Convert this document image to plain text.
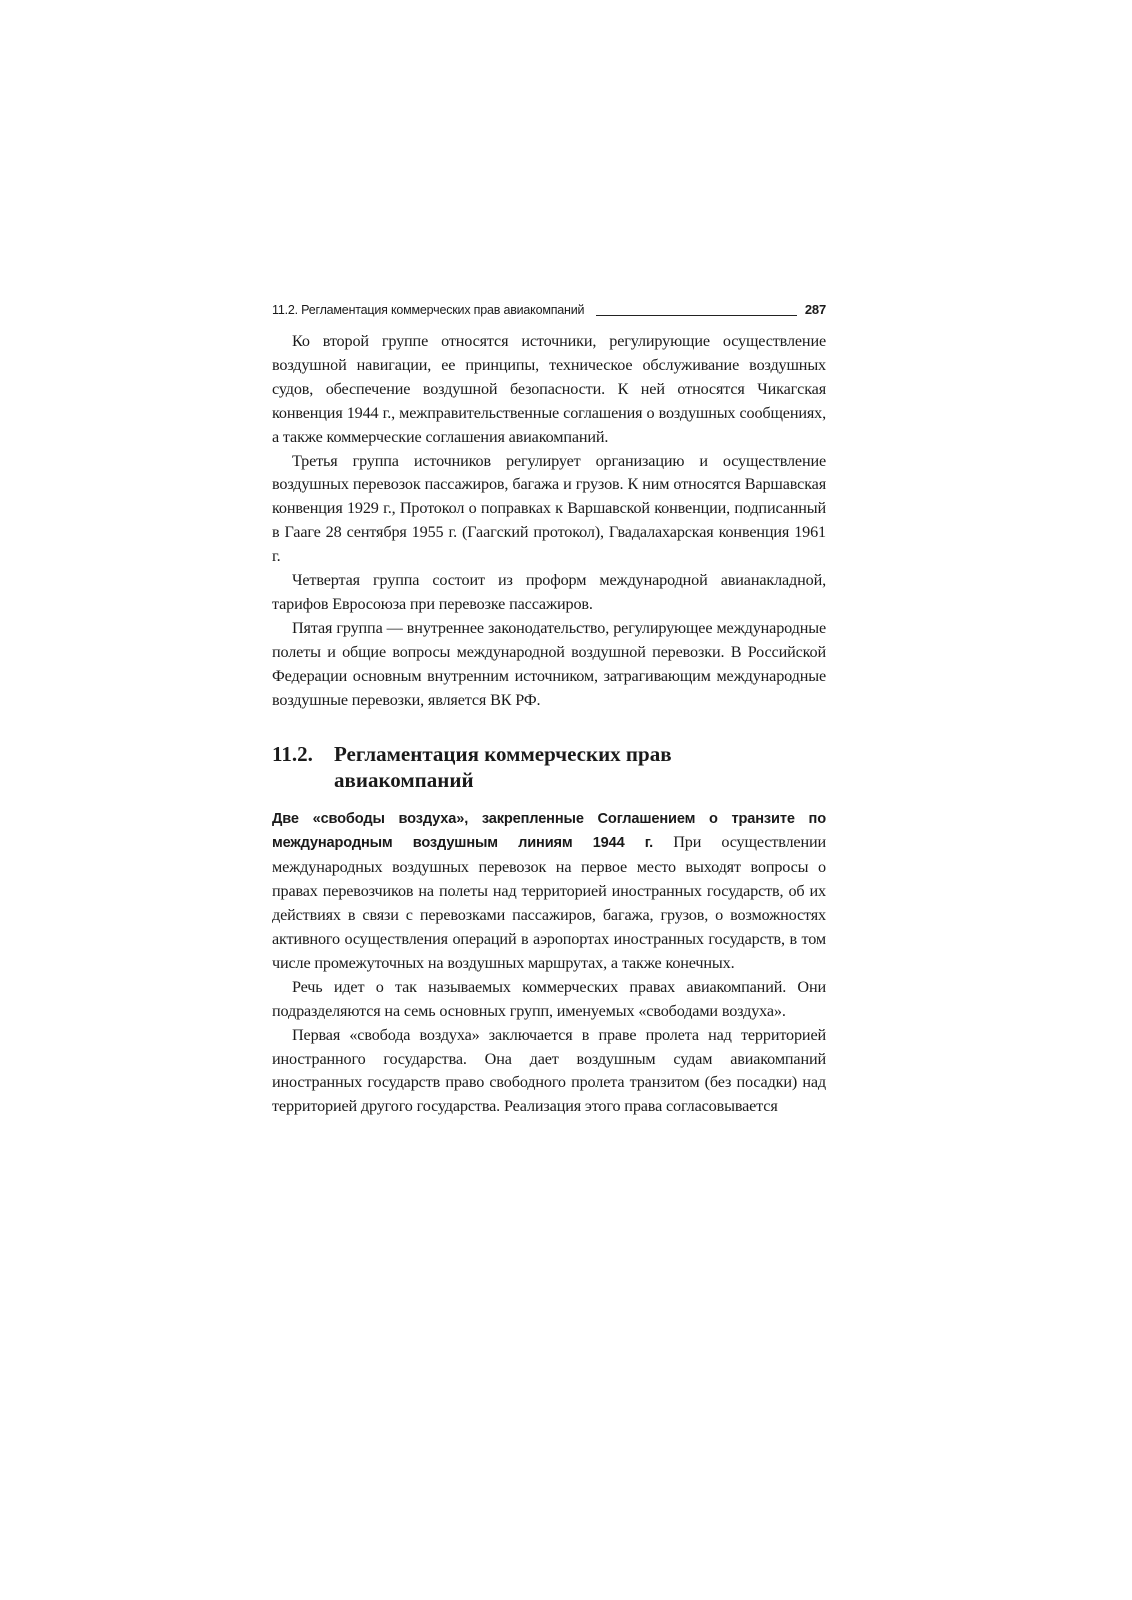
11.2. Регламентация коммерческих прав авиакомпаний	287

Ко второй группе относятся источники, регулирующие осуществление воздушной навигации, ее принципы, техническое обслуживание воздушных судов, обеспечение воздушной безопасности. К ней относятся Чикагская конвенция 1944 г., межправительственные соглашения о воздушных сообщениях, а также коммерческие соглашения авиакомпаний.

Третья группа источников регулирует организацию и осуществление воздушных перевозок пассажиров, багажа и грузов. К ним относятся Варшавская конвенция 1929 г., Протокол о поправках к Варшавской конвенции, подписанный в Гааге 28 сентября 1955 г. (Гаагский протокол), Гвадалахарская конвенция 1961 г.

Четвертая группа состоит из проформ международной авианакладной, тарифов Евросоюза при перевозке пассажиров.

Пятая группа — внутреннее законодательство, регулирующее международные полеты и общие вопросы международной воздушной перевозки. В Российской Федерации основным внутренним источником, затрагивающим международные воздушные перевозки, является ВК РФ.

11.2.	Регламентация коммерческих прав авиакомпаний

Две «свободы воздуха», закрепленные Соглашением о транзите по международным воздушным линиям 1944 г. При осуществлении международных воздушных перевозок на первое место выходят вопросы о правах перевозчиков на полеты над территорией иностранных государств, об их действиях в связи с перевозками пассажиров, багажа, грузов, о возможностях активного осуществления операций в аэропортах иностранных государств, в том числе промежуточных на воздушных маршрутах, а также конечных.

Речь идет о так называемых коммерческих правах авиакомпаний. Они подразделяются на семь основных групп, именуемых «свободами воздуха».

Первая «свобода воздуха» заключается в праве пролета над территорией иностранного государства. Она дает воздушным судам авиакомпаний иностранных государств право свободного пролета транзитом (без посадки) над территорией другого государства. Реализация этого права согласовывается
